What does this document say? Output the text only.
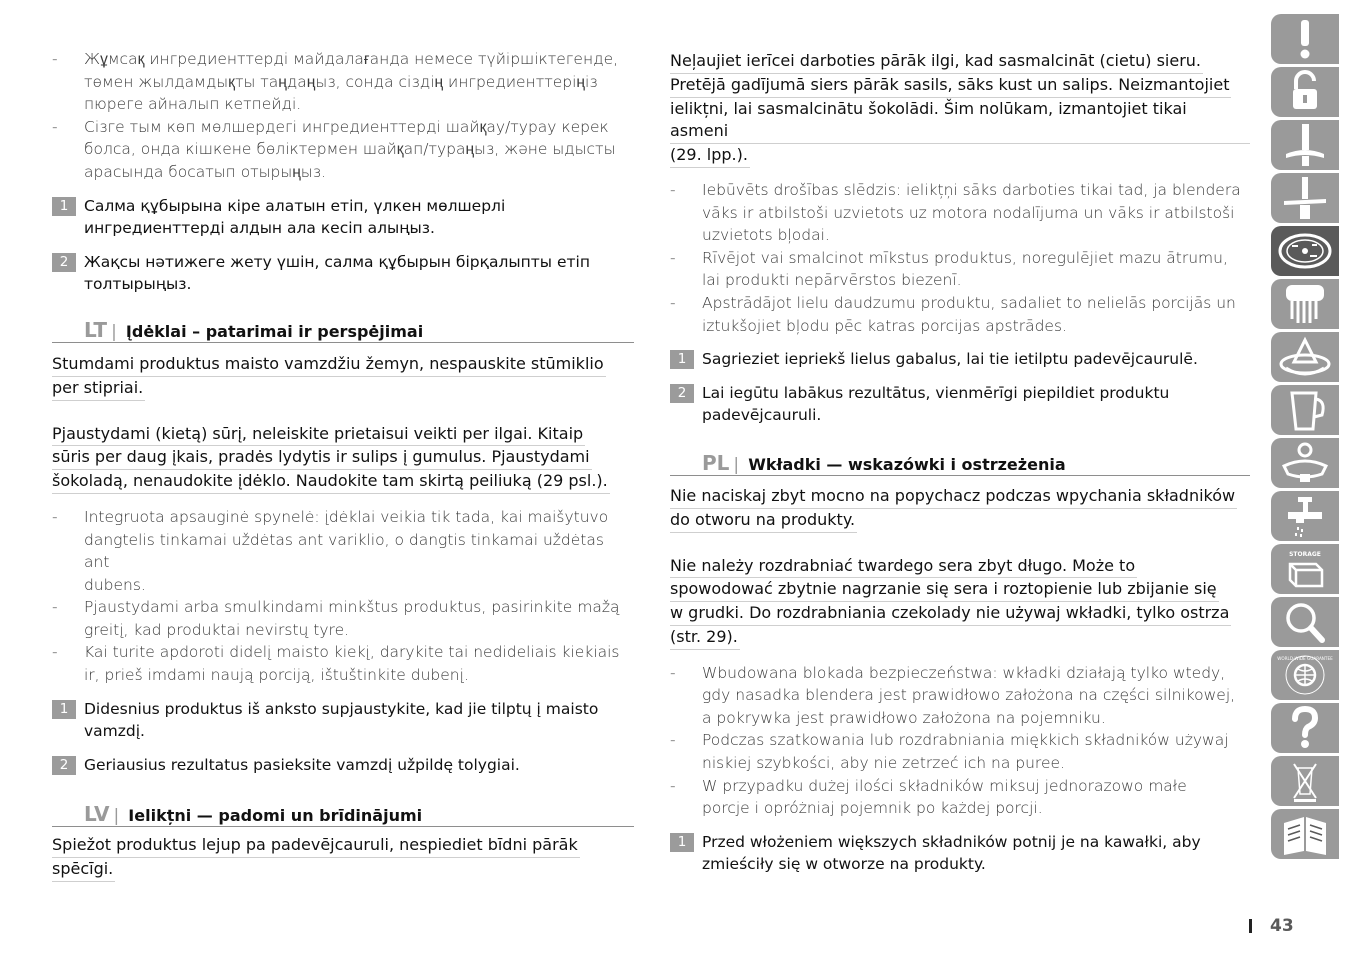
- Жұмсақ ингредиенттерді майдалағанда немесе түйіршіктегенде,
төмен жылдамдықты таңдаңыз, сонда сіздің ингредиенттеріңіз
пюреге айналып кетпейді.
- Сізге тым көп мөлшердегі ингредиенттерді шайқау/турау керек
болса, онда кішкене бөліктермен шайқап/тураңыз, және ыдысты
арасында босатып отырыңыз.
1	Салма құбырына кіре алатын етіп, үлкен мөлшерлі
ингредиенттерді алдын ала кесіп алыңыз.
2	Жақсы нәтижеге жету үшін, салма құбырын бірқалыпты етіп
толтырыңыз.
LT | Įdėklai – patarimai ir perspėjimai
Stumdami produktus maisto vamzdžiu žemyn, nespauskite stūmiklio
per stipriai.
Pjaustydami (kietą) sūrį, neleiskite prietaisui veikti per ilgai. Kitaip
sūris per daug įkais, pradės lydytis ir sulips į gumulus. Pjaustydami
šokoladą, nenaudokite įdėklo. Naudokite tam skirtą peiliuką (29 psl.).
- Integruota apsauginė spynelė: įdėklai veikia tik tada, kai maišytuvo
dangtelis tinkamai uždėtas ant variklio, o dangtis tinkamai uždėtas ant
dubens.
- Pjaustydami arba smulkindami minkštus produktus, pasirinkite mažą
greitį, kad produktai nevirstų tyre.
- Kai turite apdoroti didelį maisto kiekį, darykite tai nedideliais kiekiais
ir, prieš imdami naują porciją, ištuštinkite dubenį.
1	Didesnius produktus iš anksto supjaustykite, kad jie tilptų į maisto
vamzdį.
2	Geriausius rezultatus pasieksite vamzdį užpildę tolygiai.
LV | Ielikțni — padomi un brīdinājumi
Spiežot produktus lejup pa padevējcauruli, nespiediet bīdni pārāk
spēcīgi.
Neļaujiet ierīcei darboties pārāk ilgi, kad sasmalcināt (cietu) sieru.
Pretējā gadījumā siers pārāk sasils, sāks kust un salips. Neizmantojiet
ielikțni, lai sasmalcinātu šokolādi. Šim nolūkam, izmantojiet tikai asmeni
(29. lpp.).
- Iebūvēts drošības slēdzis: ielikțņi sāks darboties tikai tad, ja blendera
vāks ir atbilstoši uzvietots uz motora nodalījuma un vāks ir atbilstoši
uzvietots bļodai.
- Rīvējot vai smalcinot mīkstus produktus, noregulējiet mazu ātrumu,
lai produkti nepārvērstos biezenī.
- Apstrādājot lielu daudzumu produktu, sadaliet to nelielās porcijās un
iztukšojiet bļodu pēc katras porcijas apstrādes.
1	Sagrieziet iepriekš lielus gabalus, lai tie ietilptu padevējcaurulē.
2	Lai iegūtu labākus rezultātus, vienmērīgi piepildiet produktu
padevējcauruli.
PL | Wkładki — wskazówki i ostrzeżenia
Nie naciskaj zbyt mocno na popychacz podczas wpychania składników
do otworu na produkty.
Nie należy rozdrabniać twardego sera zbyt długo. Może to
spowodować zbytnie nagrzanie się sera i roztopienie lub zbijanie się
w grudki. Do rozdrabniania czekolady nie używaj wkładki, tylko ostrza
(str. 29).
- Wbudowana blokada bezpieczeństwa: wkładki działają tylko wtedy,
gdy nasadka blendera jest prawidłowo założona na części silnikowej,
a pokrywka jest prawidłowo założona na pojemniku.
- Podczas szatkowania lub rozdrabniania miękkich składników używaj
niskiej szybkości, aby nie zetrzeć ich na puree.
- W przypadku dużej ilości składników miksuj jednorazowo małe
porcje i opróżniaj pojemnik po każdej porcji.
1	Przed włożeniem większych składników potnij je na kawałki, aby
zmieściły się w otworze na produkty.
STORAGE
WORLD-WIDE GUARANTEE
43
